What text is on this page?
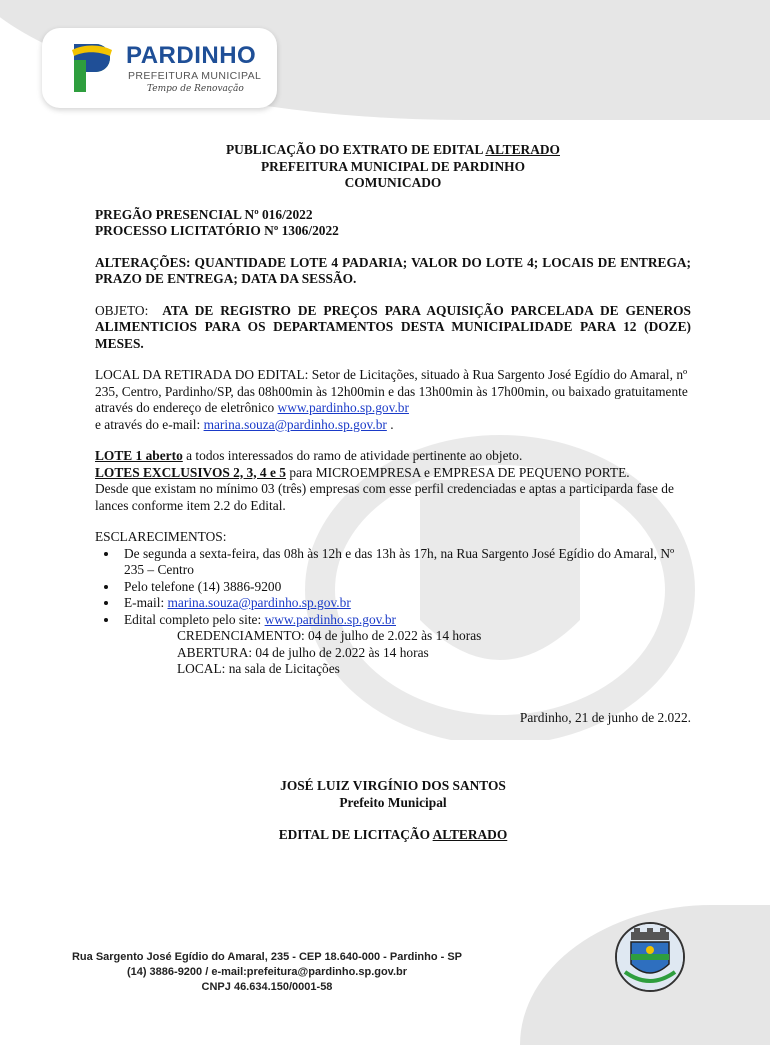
PARDINHO
PREFEITURA MUNICIPAL
Tempo de Renovação
PUBLICAÇÃO DO EXTRATO DE EDITAL ALTERADO
PREFEITURA MUNICIPAL DE PARDINHO
COMUNICADO
PREGÃO PRESENCIAL Nº 016/2022
PROCESSO LICITATÓRIO Nº 1306/2022
ALTERAÇÕES: QUANTIDADE LOTE 4 PADARIA; VALOR DO LOTE 4; LOCAIS DE ENTREGA; PRAZO DE ENTREGA; DATA DA SESSÃO.
OBJETO: ATA DE REGISTRO DE PREÇOS PARA AQUISIÇÃO PARCELADA DE GENEROS ALIMENTICIOS PARA OS DEPARTAMENTOS DESTA MUNICIPALIDADE PARA 12 (DOZE) MESES.
LOCAL DA RETIRADA DO EDITAL: Setor de Licitações, situado à Rua Sargento José Egídio do Amaral, nº 235, Centro, Pardinho/SP, das 08h00min às 12h00min e das 13h00min às 17h00min, ou baixado gratuitamente através do endereço de eletrônico www.pardinho.sp.gov.br
e através do e-mail: marina.souza@pardinho.sp.gov.br .
LOTE 1 aberto a todos interessados do ramo de atividade pertinente ao objeto.
LOTES EXCLUSIVOS 2, 3, 4 e 5 para MICROEMPRESA e EMPRESA DE PEQUENO PORTE.
Desde que existam no mínimo 03 (três) empresas com esse perfil credenciadas e aptas a participarda fase de lances conforme item 2.2 do Edital.
ESCLARECIMENTOS:
• De segunda a sexta-feira, das 08h às 12h e das 13h às 17h, na Rua Sargento José Egídio do Amaral, Nº 235 – Centro
• Pelo telefone (14) 3886-9200
• E-mail: marina.souza@pardinho.sp.gov.br
• Edital completo pelo site: www.pardinho.sp.gov.br
CREDENCIAMENTO: 04 de julho de 2.022 às 14 horas
ABERTURA: 04 de julho de 2.022 às 14 horas
LOCAL: na sala de Licitações
Pardinho, 21 de junho de 2.022.
JOSÉ LUIZ VIRGÍNIO DOS SANTOS
Prefeito Municipal
EDITAL DE LICITAÇÃO ALTERADO
Rua Sargento José Egídio do Amaral, 235 - CEP 18.640-000 - Pardinho - SP
(14) 3886-9200 / e-mail:prefeitura@pardinho.sp.gov.br
CNPJ 46.634.150/0001-58
